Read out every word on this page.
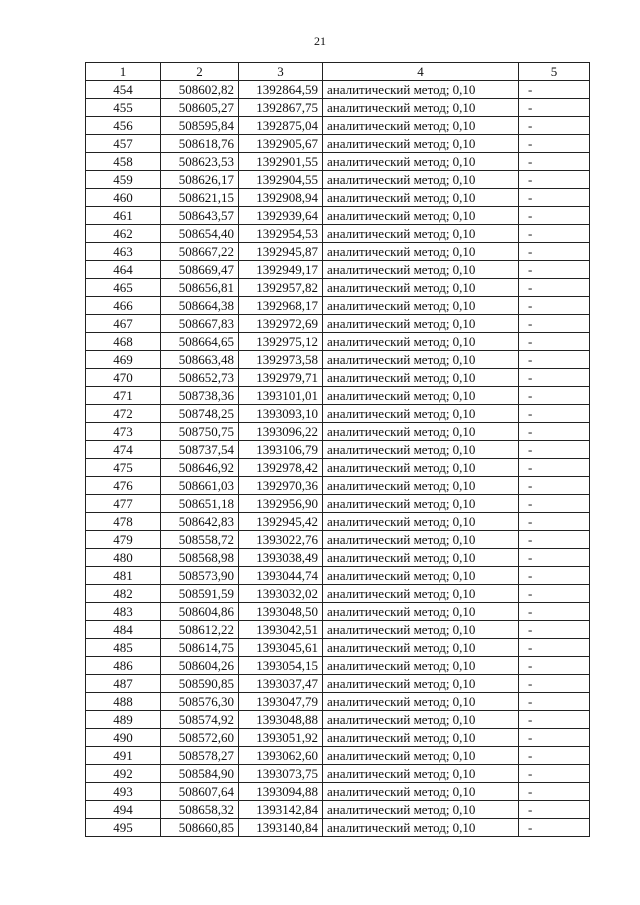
21
1	2	3	4	5
454	508602,82	1392864,59	аналитический метод; 0,10	-
455	508605,27	1392867,75	аналитический метод; 0,10	-
456	508595,84	1392875,04	аналитический метод; 0,10	-
457	508618,76	1392905,67	аналитический метод; 0,10	-
458	508623,53	1392901,55	аналитический метод; 0,10	-
459	508626,17	1392904,55	аналитический метод; 0,10	-
460	508621,15	1392908,94	аналитический метод; 0,10	-
461	508643,57	1392939,64	аналитический метод; 0,10	-
462	508654,40	1392954,53	аналитический метод; 0,10	-
463	508667,22	1392945,87	аналитический метод; 0,10	-
464	508669,47	1392949,17	аналитический метод; 0,10	-
465	508656,81	1392957,82	аналитический метод; 0,10	-
466	508664,38	1392968,17	аналитический метод; 0,10	-
467	508667,83	1392972,69	аналитический метод; 0,10	-
468	508664,65	1392975,12	аналитический метод; 0,10	-
469	508663,48	1392973,58	аналитический метод; 0,10	-
470	508652,73	1392979,71	аналитический метод; 0,10	-
471	508738,36	1393101,01	аналитический метод; 0,10	-
472	508748,25	1393093,10	аналитический метод; 0,10	-
473	508750,75	1393096,22	аналитический метод; 0,10	-
474	508737,54	1393106,79	аналитический метод; 0,10	-
475	508646,92	1392978,42	аналитический метод; 0,10	-
476	508661,03	1392970,36	аналитический метод; 0,10	-
477	508651,18	1392956,90	аналитический метод; 0,10	-
478	508642,83	1392945,42	аналитический метод; 0,10	-
479	508558,72	1393022,76	аналитический метод; 0,10	-
480	508568,98	1393038,49	аналитический метод; 0,10	-
481	508573,90	1393044,74	аналитический метод; 0,10	-
482	508591,59	1393032,02	аналитический метод; 0,10	-
483	508604,86	1393048,50	аналитический метод; 0,10	-
484	508612,22	1393042,51	аналитический метод; 0,10	-
485	508614,75	1393045,61	аналитический метод; 0,10	-
486	508604,26	1393054,15	аналитический метод; 0,10	-
487	508590,85	1393037,47	аналитический метод; 0,10	-
488	508576,30	1393047,79	аналитический метод; 0,10	-
489	508574,92	1393048,88	аналитический метод; 0,10	-
490	508572,60	1393051,92	аналитический метод; 0,10	-
491	508578,27	1393062,60	аналитический метод; 0,10	-
492	508584,90	1393073,75	аналитический метод; 0,10	-
493	508607,64	1393094,88	аналитический метод; 0,10	-
494	508658,32	1393142,84	аналитический метод; 0,10	-
495	508660,85	1393140,84	аналитический метод; 0,10	-
